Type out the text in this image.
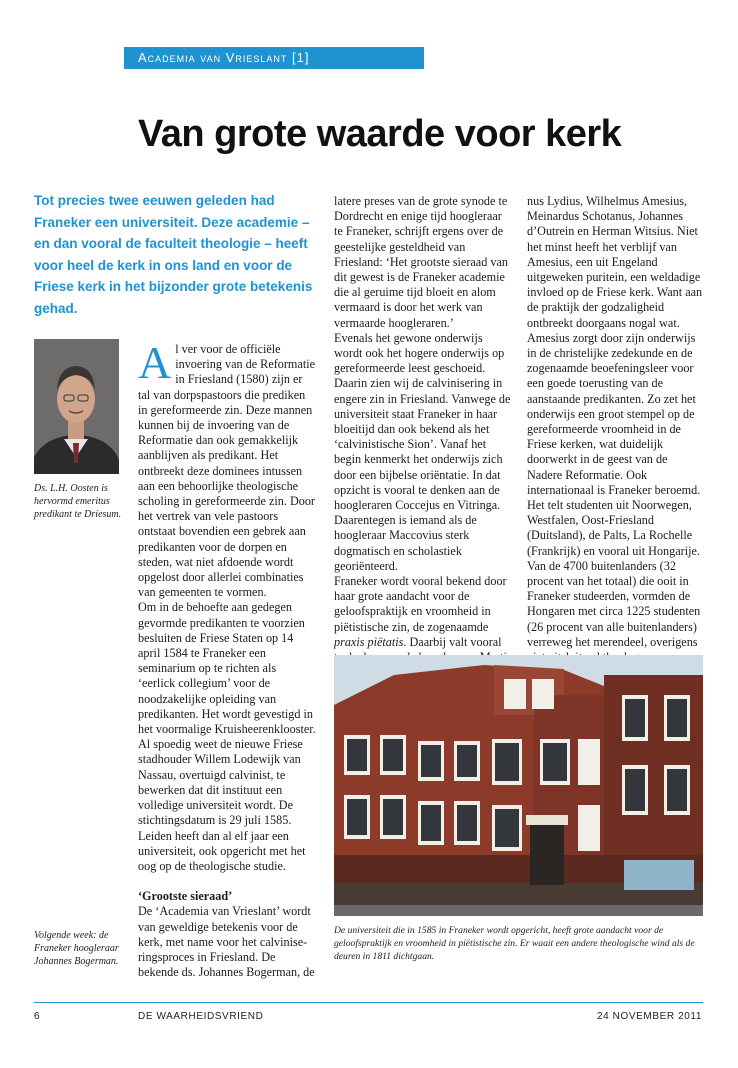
Academia van Vrieslant [1]
Van grote waarde voor kerk

Tot precies twee eeuwen geleden had Franeker een universiteit. Deze academie – en dan vooral de faculteit theologie – heeft voor heel de kerk in ons land en voor de Friese kerk in het bijzonder grote betekenis gehad.

Ds. L.H. Oosten is hervormd emeritus predikant te Driesum.

Volgende week: de Franeker hoogleraar Johannes Bogerman.

Al ver voor de officiële invoering van de Reformatie in Friesland (1580) zijn er tal van dorpspastoors die prediken in gereformeerde zin. Deze mannen kunnen bij de invoering van de Reformatie dan ook gemakkelijk aanblijven als predikant. Het ontbreekt deze dominees intussen aan een behoorlijke theologische scholing in gereformeerde zin. Door het vertrek van vele pastoors ontstaat bovendien een gebrek aan predikanten voor de dorpen en steden, wat niet afdoende wordt opgelost door allerlei combinaties van gemeenten te vormen.

Om in de behoefte aan gedegen gevormde predikanten te voorzien besluiten de Friese Staten op 14 april 1584 te Franeker een seminarium op te richten als ‘eerlick collegium’ voor de noodzakelijke opleiding van predikanten. Het wordt gevestigd in het voormalige Kruisheerenklooster. Al spoedig weet de nieuwe Friese stadhouder Willem Lodewijk van Nassau, overtuigd calvinist, te bewerken dat dit instituut een volledige universiteit wordt. De stichtingsdatum is 29 juli 1585. Leiden heeft dan al elf jaar een universiteit, ook opgericht met het oog op de theologische studie.

‘Grootste sieraad’

De ‘Academia van Vrieslant’ wordt van geweldige betekenis voor de kerk, met name voor het calviniseringsproces in Friesland. De bekende ds. Johannes Bogerman, de

latere preses van de grote synode te Dordrecht en enige tijd hoogleraar te Franeker, schrijft ergens over de geestelijke gesteldheid van Friesland: ‘Het grootste sieraad van dit gewest is de Franeker academie die al geruime tijd bloeit en alom vermaard is door het werk van vermaarde hoogleraren.’

Evenals het gewone onderwijs wordt ook het hogere onderwijs op gereformeerde leest geschoeid. Daarin zien wij de calvinisering in engere zin in Friesland. Vanwege de universiteit staat Franeker in haar bloeitijd dan ook bekend als het ‘calvinistische Sion’. Vanaf het begin kenmerkt het onderwijs zich door een bijbelse oriëntatie. In dat opzicht is vooral te denken aan de hoogleraren Coccejus en Vitringa. Daarentegen is iemand als de hoogleraar Maccovius sterk dogmatisch en scholastiek georiënteerd.

Franeker wordt vooral bekend door haar grote aandacht voor de geloofspraktijk en vroomheid in piëtistische zin, de zogenaamde praxis piëtatis. Daarbij valt vooral

nus Lydius, Wilhelmus Amesius, Meinardus Schotanus, Johannes d’Outrein en Herman Witsius. Niet het minst heeft het verblijf van Amesius, een uit Engeland uitgeweken puritein, een weldadige invloed op de Friese kerk. Want aan de praktijk der godzaligheid ontbreekt doorgaans nogal wat. Amesius zorgt door zijn onderwijs in de christelijke zedekunde en de zogenaamde beoefeningsleer voor een goede toerusting van de aanstaande predikanten. Zo zet het onderwijs een groot stempel op de gereformeerde vroomheid in de Friese kerken, wat duidelijk doorwerkt in de geest van de Nadere Reformatie. Ook internationaal is Franeker beroemd. Het telt studenten uit Noorwegen, Westfalen, Oost-Friesland (Duitsland), de Palts, La Rochelle (Frankrijk) en vooral uit Hongarije. Van de 4700 buitenlanders (32 procent van het totaal) die ooit in Franeker studeerden, vormden de Hongaren met circa 1225 studenten (26 procent van alle buitenlanders) verreweg het merendeel, overigens

De universiteit die in 1585 in Franeker wordt opgericht, heeft grote aandacht voor de geloofspraktijk en vroomheid in piëtistische zin. Er waait een andere theologische wind als de deuren in 1811 dichtgaan.

6	DE WAARHEIDSVRIEND	24 NOVEMBER 2011
